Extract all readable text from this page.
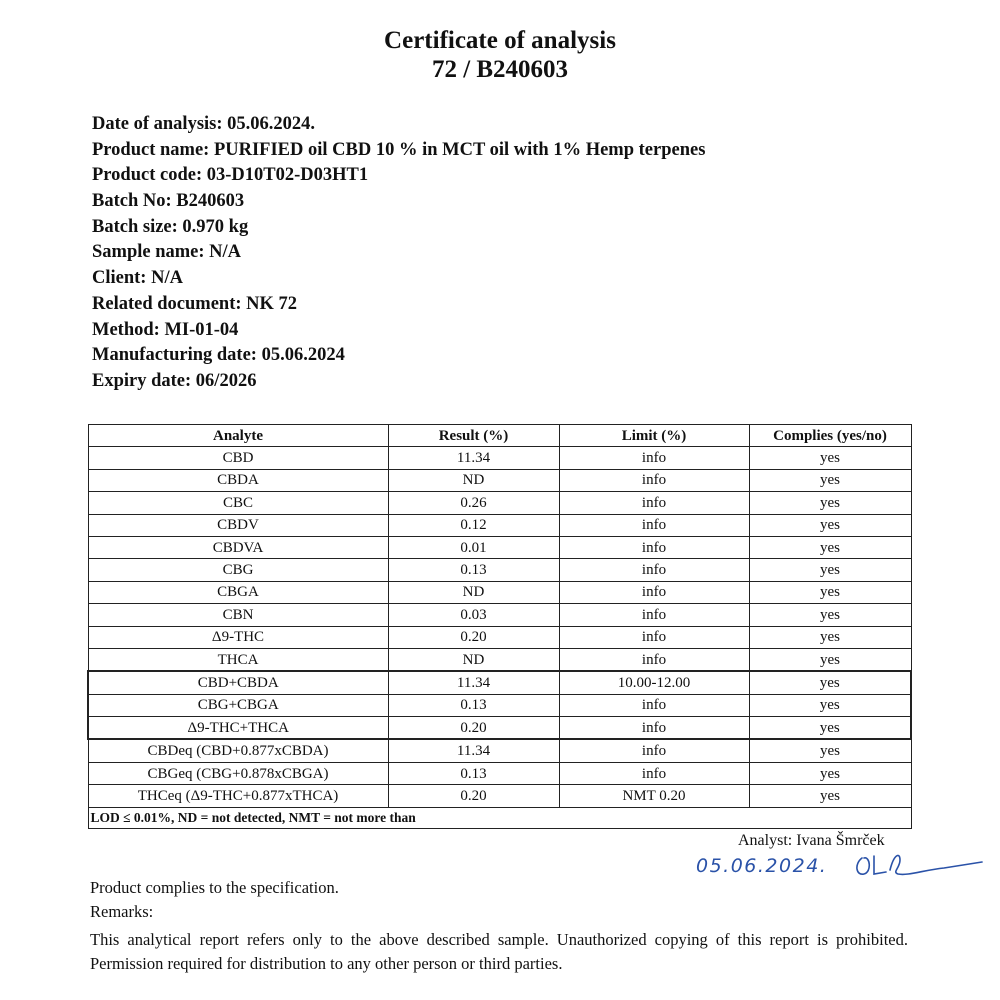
Certificate of analysis
72 / B240603
Date of analysis: 05.06.2024.
Product name: PURIFIED oil CBD 10 % in MCT oil with 1% Hemp terpenes
Product code: 03-D10T02-D03HT1
Batch No: B240603
Batch size: 0.970 kg
Sample name: N/A
Client: N/A
Related document: NK 72
Method: MI-01-04
Manufacturing date: 05.06.2024
Expiry date: 06/2026
Analyte	Result (%)	Limit (%)	Complies (yes/no)
CBD	11.34	info	yes
CBDA	ND	info	yes
CBC	0.26	info	yes
CBDV	0.12	info	yes
CBDVA	0.01	info	yes
CBG	0.13	info	yes
CBGA	ND	info	yes
CBN	0.03	info	yes
Δ9-THC	0.20	info	yes
THCA	ND	info	yes
CBD+CBDA	11.34	10.00-12.00	yes
CBG+CBGA	0.13	info	yes
Δ9-THC+THCA	0.20	info	yes
CBDeq (CBD+0.877xCBDA)	11.34	info	yes
CBGeq (CBG+0.878xCBGA)	0.13	info	yes
THCeq (Δ9-THC+0.877xTHCA)	0.20	NMT 0.20	yes
LOD ≤ 0.01%, ND = not detected, NMT = not more than			
Analyst: Ivana Šmrček
05.06.2024.
Product complies to the specification.
Remarks:
This analytical report refers only to the above described sample. Unauthorized copying of this report is prohibited. Permission required for distribution to any other person or third parties.
